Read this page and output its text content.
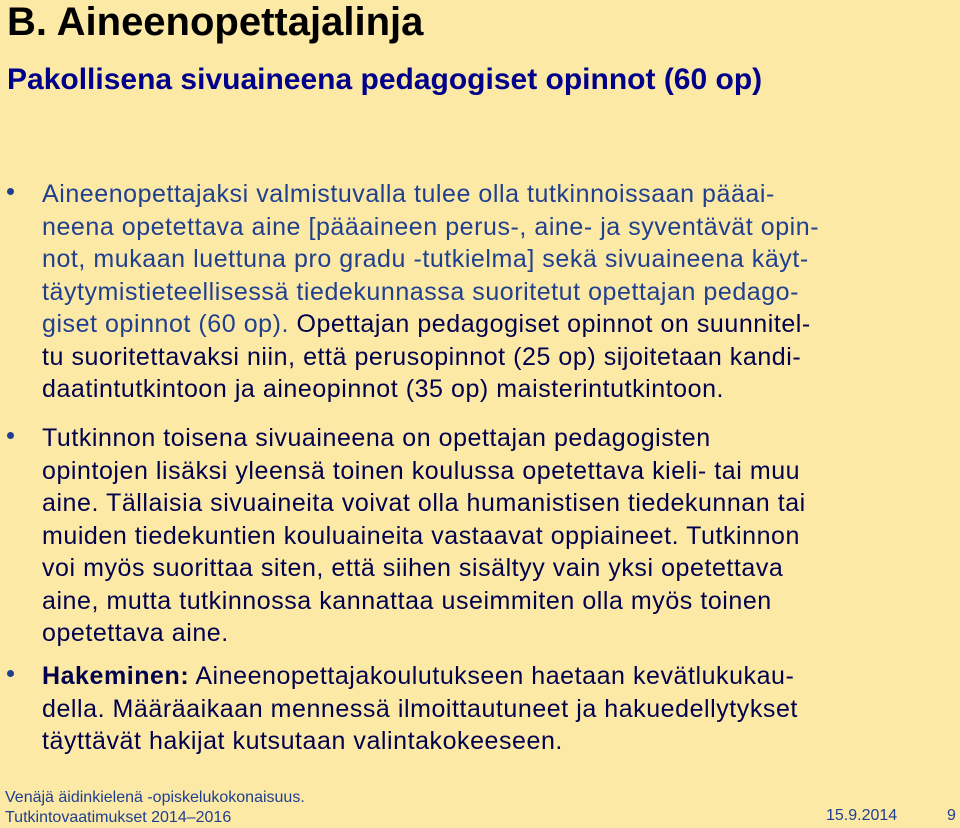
B. Aineenopettajalinja
Pakollisena sivuaineena pedagogiset opinnot (60 op)

Aineenopettajaksi valmistuvalla tulee olla tutkinnoissaan pääai-
neena opetettava aine [pääaineen perus-, aine- ja syventävät opin-
not, mukaan luettuna pro gradu -tutkielma] sekä sivuaineena käyt-
täytymistieteellisessä tiedekunnassa suoritetut opettajan pedago-
giset opinnot (60 op). Opettajan pedagogiset opinnot on suunnitel-
tu suoritettavaksi niin, että perusopinnot (25 op) sijoitetaan kandi-
daatintutkintoon ja aineopinnot (35 op) maisterintutkintoon.

Tutkinnon toisena sivuaineena on opettajan pedagogisten
opintojen lisäksi yleensä toinen koulussa opetettava kieli- tai muu
aine. Tällaisia sivuaineita voivat olla humanistisen tiedekunnan tai
muiden tiedekuntien kouluaineita vastaavat oppiaineet. Tutkinnon
voi myös suorittaa siten, että siihen sisältyy vain yksi opetettava
aine, mutta tutkinnossa kannattaa useimmiten olla myös toinen
opetettava aine.

Hakeminen: Aineenopettajakoulutukseen haetaan kevätlukukau-
della. Määräaikaan mennessä ilmoittautuneet ja hakuedellytykset
täyttävät hakijat kutsutaan valintakokeeseen.

Venäjä äidinkielenä -opiskelukokonaisuus.
Tutkintovaatimukset 2014–2016	15.9.2014	9
